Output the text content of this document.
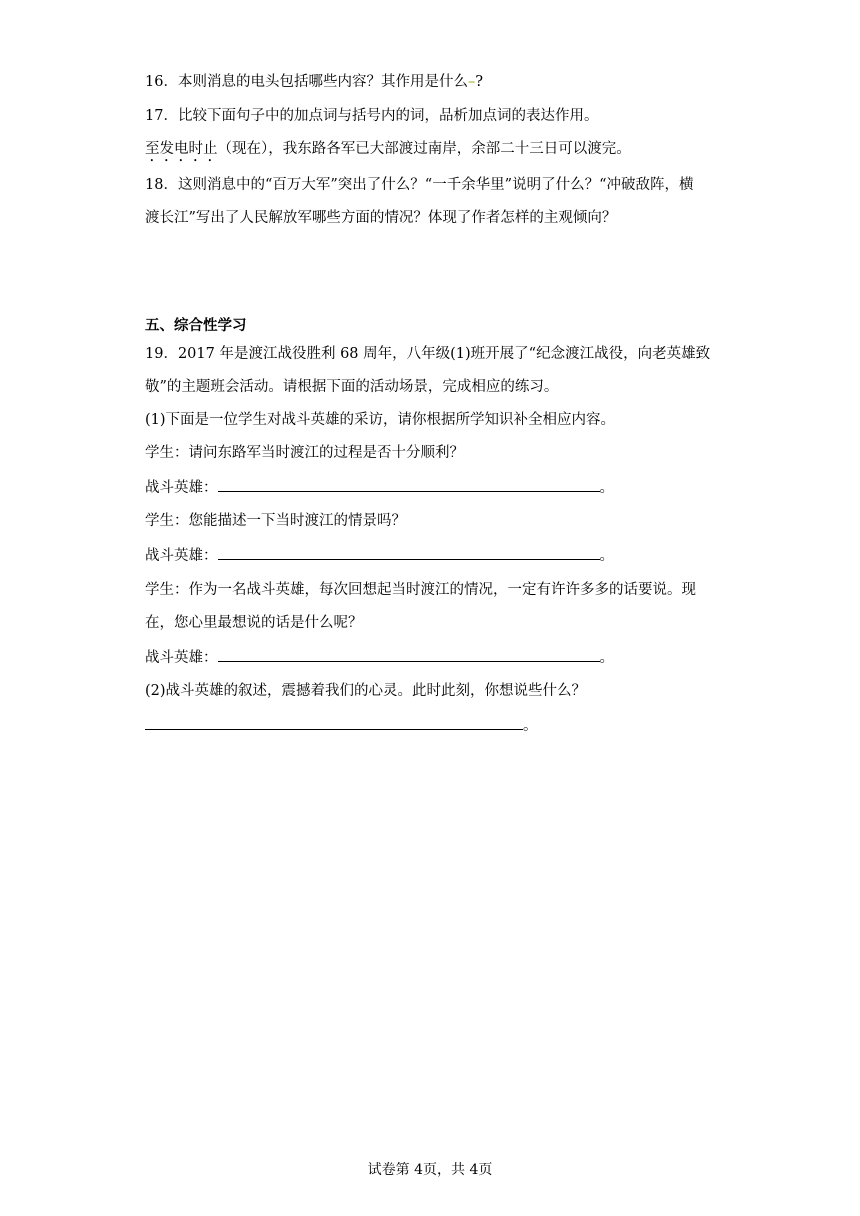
16．本则消息的电头包括哪些内容？其作用是什么–?
17．比较下面句子中的加点词与括号内的词，品析加点词的表达作用。
至发电时止（现在），我东路各军已大部渡过南岸，余部二十三日可以渡完。
18．这则消息中的“百万大军”突出了什么？“一千余华里”说明了什么？“冲破敌阵，横
渡长江”写出了人民解放军哪些方面的情况？体现了作者怎样的主观倾向？
五、综合性学习
19．2017 年是渡江战役胜利 68 周年，八年级(1)班开展了“纪念渡江战役，向老英雄致
敬”的主题班会活动。请根据下面的活动场景，完成相应的练习。
(1)下面是一位学生对战斗英雄的采访，请你根据所学知识补全相应内容。
学生：请问东路军当时渡江的过程是否十分顺利？
战斗英雄：	。
学生：您能描述一下当时渡江的情景吗？
战斗英雄：	。
学生：作为一名战斗英雄，每次回想起当时渡江的情况，一定有许许多多的话要说。现
在，您心里最想说的话是什么呢？
战斗英雄：	。
(2)战斗英雄的叙述，震撼着我们的心灵。此时此刻，你想说些什么？
。
试卷第 4页，共 4页
